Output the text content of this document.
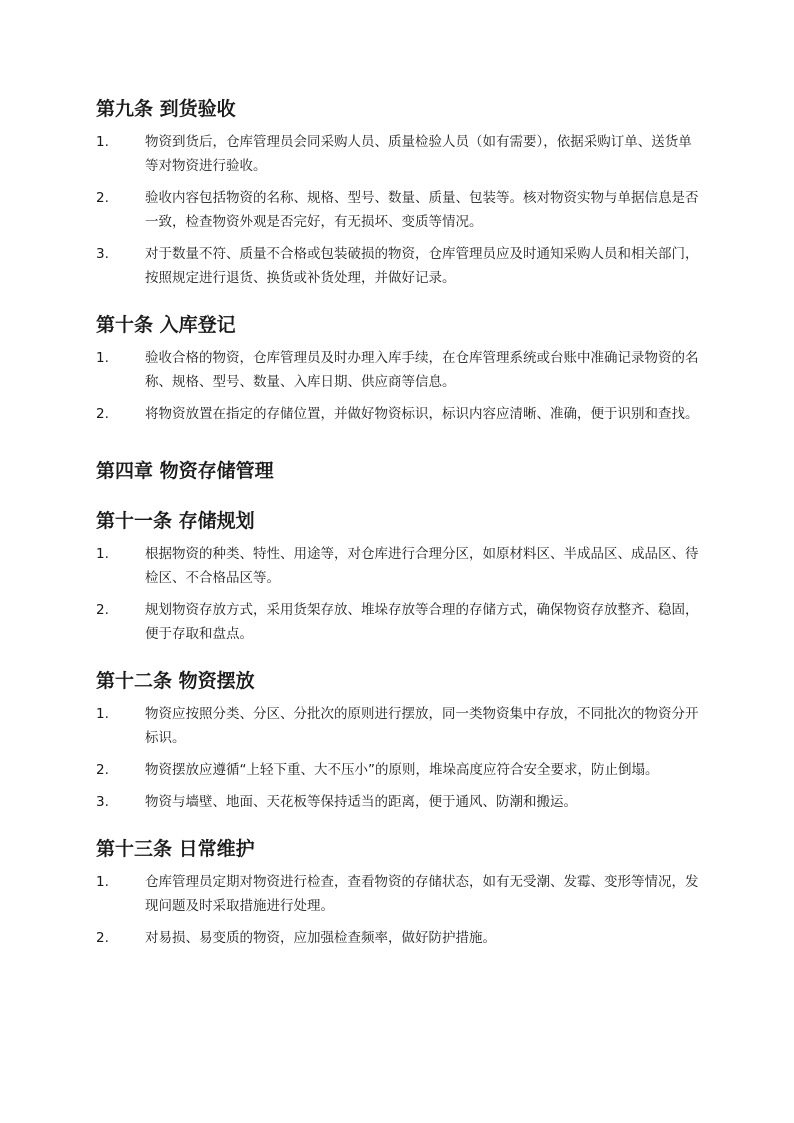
第九条 到货验收
1.	物资到货后，仓库管理员会同采购人员、质量检验人员（如有需要），依据采购订单、送货单等对物资进行验收。
2.	验收内容包括物资的名称、规格、型号、数量、质量、包装等。核对物资实物与单据信息是否一致，检查物资外观是否完好，有无损坏、变质等情况。
3.	对于数量不符、质量不合格或包装破损的物资，仓库管理员应及时通知采购人员和相关部门，按照规定进行退货、换货或补货处理，并做好记录。
第十条 入库登记
1.	验收合格的物资，仓库管理员及时办理入库手续，在仓库管理系统或台账中准确记录物资的名称、规格、型号、数量、入库日期、供应商等信息。
2.	将物资放置在指定的存储位置，并做好物资标识，标识内容应清晰、准确，便于识别和查找。
第四章 物资存储管理
第十一条 存储规划
1.	根据物资的种类、特性、用途等，对仓库进行合理分区，如原材料区、半成品区、成品区、待检区、不合格品区等。
2.	规划物资存放方式，采用货架存放、堆垛存放等合理的存储方式，确保物资存放整齐、稳固，便于存取和盘点。
第十二条 物资摆放
1.	物资应按照分类、分区、分批次的原则进行摆放，同一类物资集中存放，不同批次的物资分开标识。
2.	物资摆放应遵循“上轻下重、大不压小”的原则，堆垛高度应符合安全要求，防止倒塌。
3.	物资与墙壁、地面、天花板等保持适当的距离，便于通风、防潮和搬运。
第十三条 日常维护
1.	仓库管理员定期对物资进行检查，查看物资的存储状态，如有无受潮、发霉、变形等情况，发现问题及时采取措施进行处理。
2.	对易损、易变质的物资，应加强检查频率，做好防护措施。
